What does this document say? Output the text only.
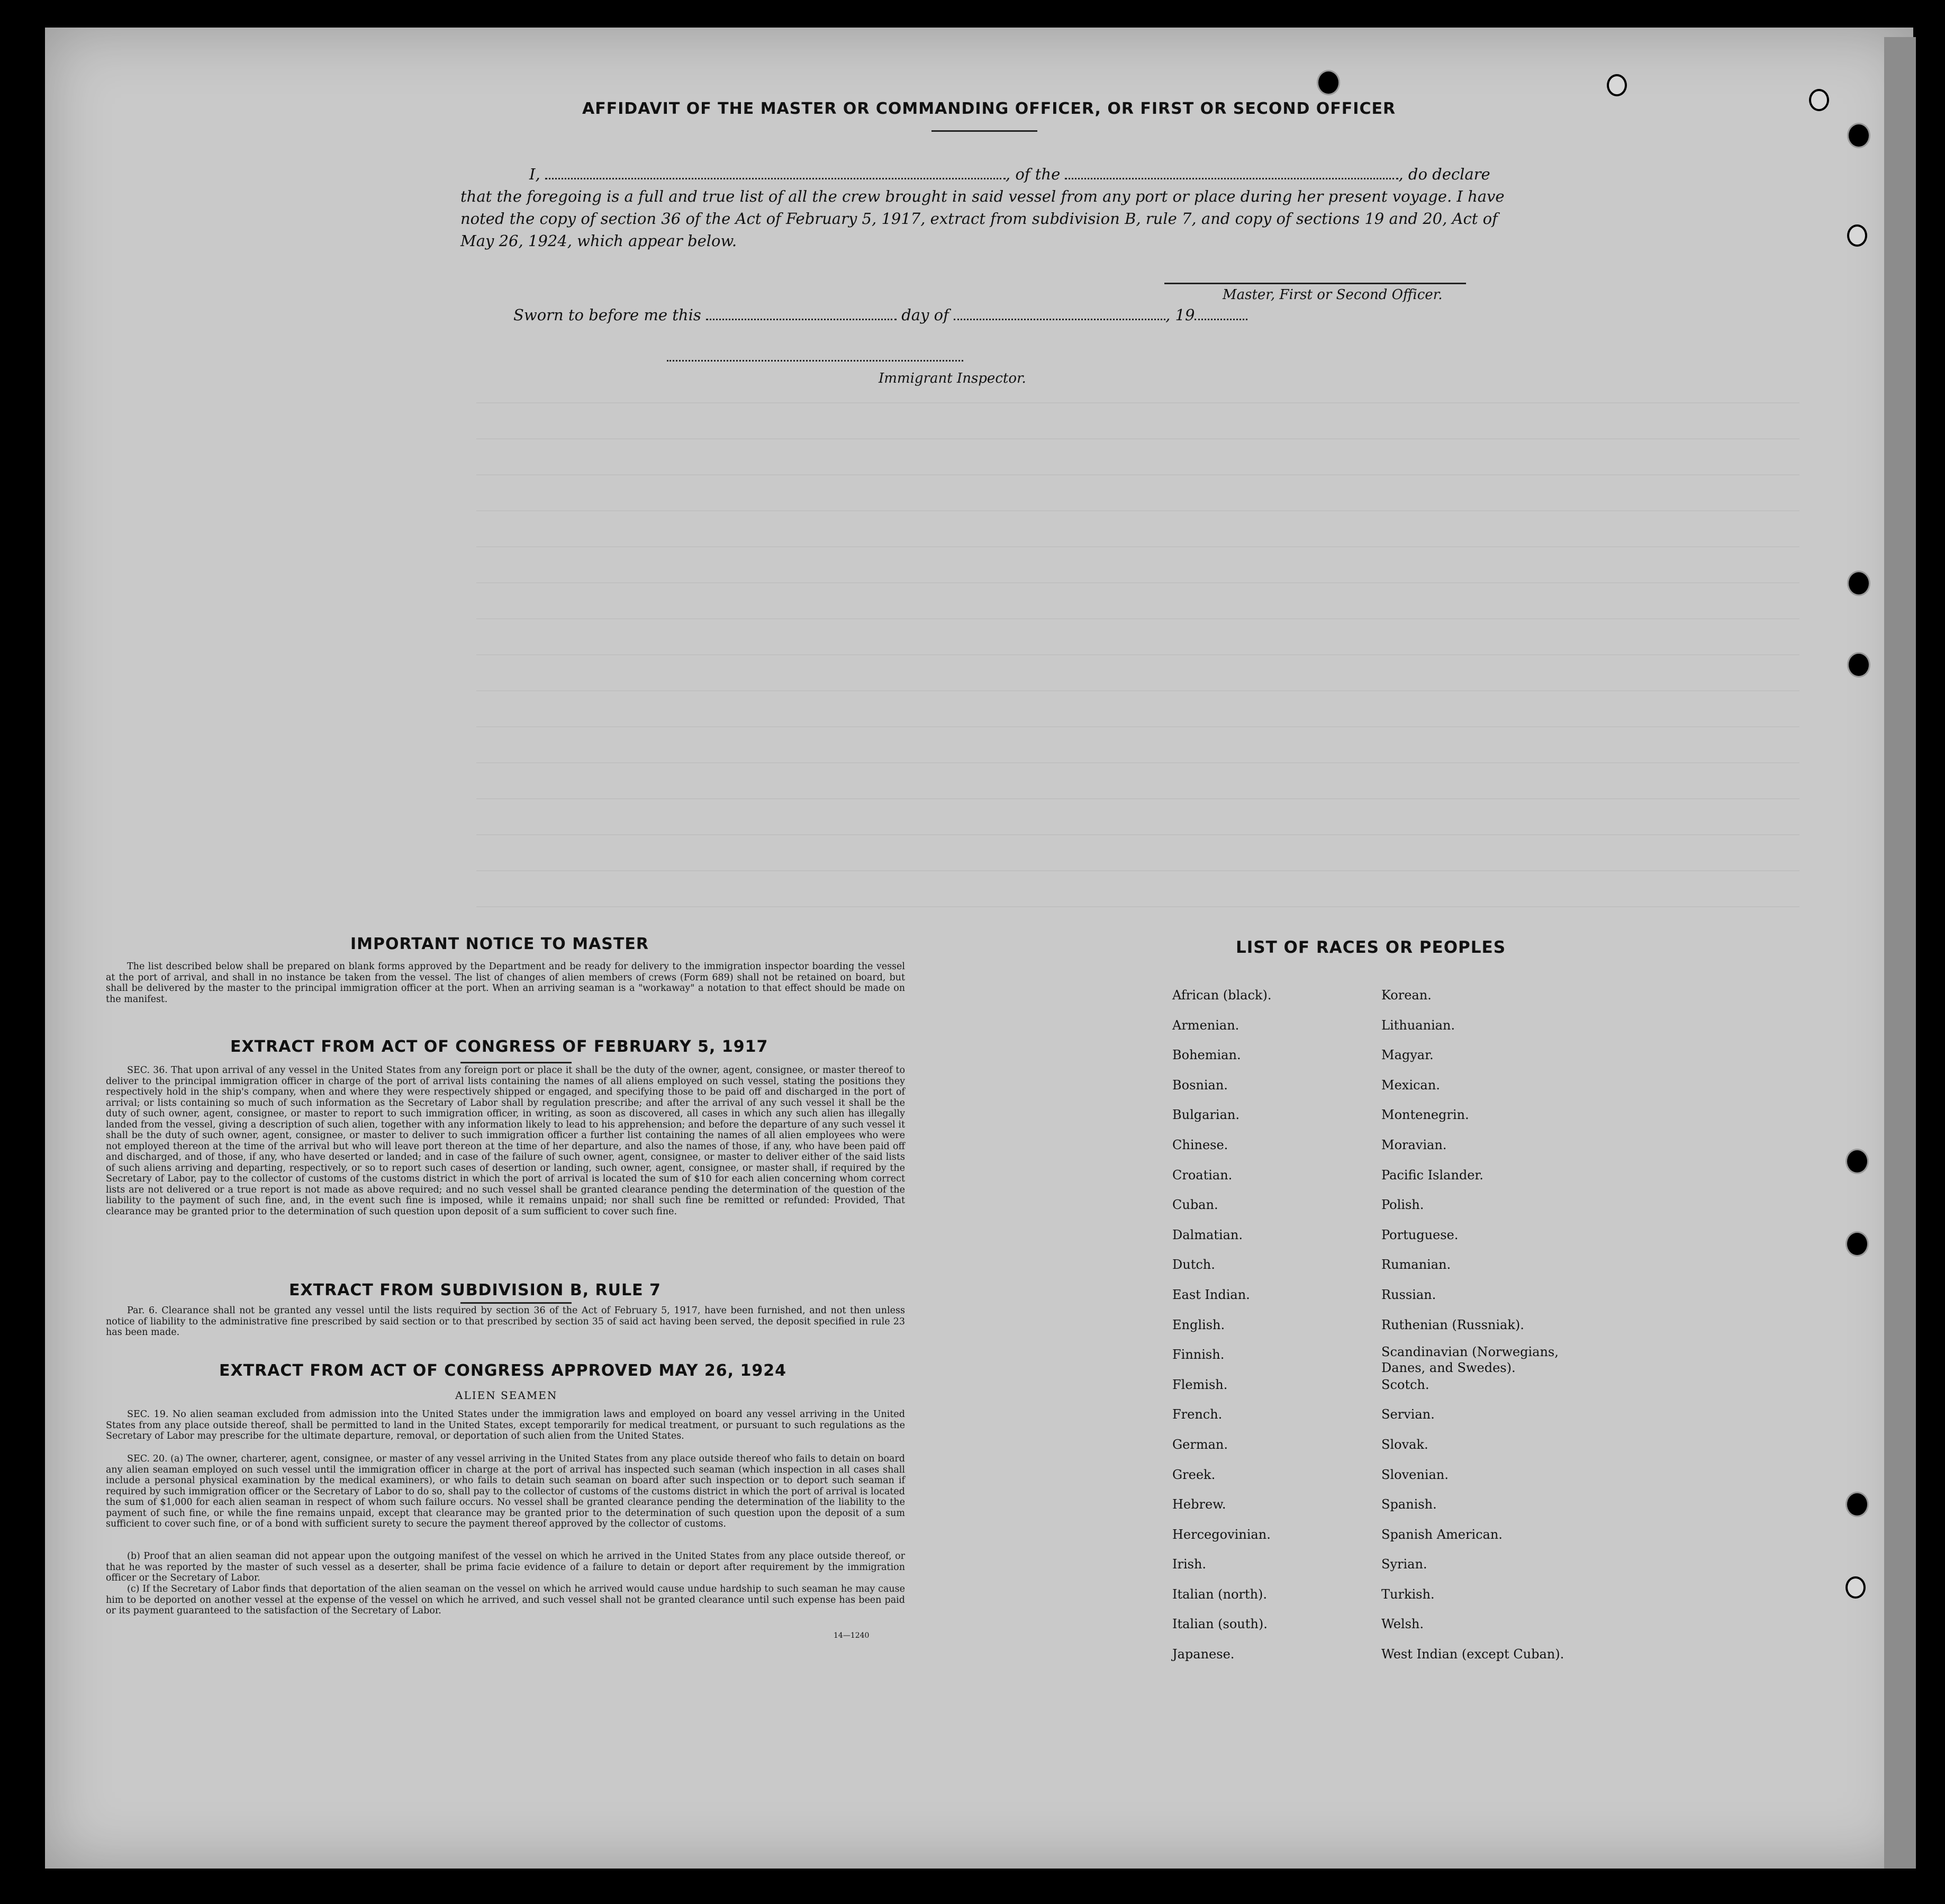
AFFIDAVIT OF THE MASTER OR COMMANDING OFFICER, OR FIRST OR SECOND OFFICER
I,	, of the	, do declare
that the foregoing is a full and true list of all the crew brought in said vessel from any port or place during her present voyage. I have noted the copy of section 36 of the Act of February 5, 1917, extract from subdivision B, rule 7, and copy of sections 19 and 20, Act of May 26, 1924, which appear below.
Master, First or Second Officer.
Sworn to before me this	day of	, 19
Immigrant Inspector.
IMPORTANT NOTICE TO MASTER
The list described below shall be prepared on blank forms approved by the Department and be ready for delivery to the immigration inspector boarding the vessel at the port of arrival, and shall in no instance be taken from the vessel. The list of changes of alien members of crews (Form 689) shall not be retained on board, but shall be delivered by the master to the principal immigration officer at the port. When an arriving seaman is a "workaway" a notation to that effect should be made on the manifest.
EXTRACT FROM ACT OF CONGRESS OF FEBRUARY 5, 1917
SEC. 36. That upon arrival of any vessel in the United States from any foreign port or place it shall be the duty of the owner, agent, consignee, or master thereof to deliver to the principal immigration officer in charge of the port of arrival lists containing the names of all aliens employed on such vessel, stating the positions they respectively hold in the ship's company, when and where they were respectively shipped or engaged, and specifying those to be paid off and discharged in the port of arrival; or lists containing so much of such information as the Secretary of Labor shall by regulation prescribe; and after the arrival of any such vessel it shall be the duty of such owner, agent, consignee, or master to report to such immigration officer, in writing, as soon as discovered, all cases in which any such alien has illegally landed from the vessel, giving a description of such alien, together with any information likely to lead to his apprehension; and before the departure of any such vessel it shall be the duty of such owner, agent, consignee, or master to deliver to such immigration officer a further list containing the names of all alien employees who were not employed thereon at the time of the arrival but who will leave port thereon at the time of her departure, and also the names of those, if any, who have been paid off and discharged, and of those, if any, who have deserted or landed; and in case of the failure of such owner, agent, consignee, or master to deliver either of the said lists of such aliens arriving and departing, respectively, or so to report such cases of desertion or landing, such owner, agent, consignee, or master shall, if required by the Secretary of Labor, pay to the collector of customs of the customs district in which the port of arrival is located the sum of $10 for each alien concerning whom correct lists are not delivered or a true report is not made as above required; and no such vessel shall be granted clearance pending the determination of the question of the liability to the payment of such fine, and, in the event such fine is imposed, while it remains unpaid; nor shall such fine be remitted or refunded: Provided, That clearance may be granted prior to the determination of such question upon deposit of a sum sufficient to cover such fine.
EXTRACT FROM SUBDIVISION B, RULE 7
Par. 6. Clearance shall not be granted any vessel until the lists required by section 36 of the Act of February 5, 1917, have been furnished, and not then unless notice of liability to the administrative fine prescribed by said section or to that prescribed by section 35 of said act having been served, the deposit specified in rule 23 has been made.
EXTRACT FROM ACT OF CONGRESS APPROVED MAY 26, 1924
ALIEN SEAMEN
SEC. 19. No alien seaman excluded from admission into the United States under the immigration laws and employed on board any vessel arriving in the United States from any place outside thereof, shall be permitted to land in the United States, except temporarily for medical treatment, or pursuant to such regulations as the Secretary of Labor may prescribe for the ultimate departure, removal, or deportation of such alien from the United States.
SEC. 20. (a) The owner, charterer, agent, consignee, or master of any vessel arriving in the United States from any place outside thereof who fails to detain on board any alien seaman employed on such vessel until the immigration officer in charge at the port of arrival has inspected such seaman (which inspection in all cases shall include a personal physical examination by the medical examiners), or who fails to detain such seaman on board after such inspection or to deport such seaman if required by such immigration officer or the Secretary of Labor to do so, shall pay to the collector of customs of the customs district in which the port of arrival is located the sum of $1,000 for each alien seaman in respect of whom such failure occurs. No vessel shall be granted clearance pending the determination of the liability to the payment of such fine, or while the fine remains unpaid, except that clearance may be granted prior to the determination of such question upon the deposit of a sum sufficient to cover such fine, or of a bond with sufficient surety to secure the payment thereof approved by the collector of customs.
(b) Proof that an alien seaman did not appear upon the outgoing manifest of the vessel on which he arrived in the United States from any place outside thereof, or that he was reported by the master of such vessel as a deserter, shall be prima facie evidence of a failure to detain or deport after requirement by the immigration officer or the Secretary of Labor.
(c) If the Secretary of Labor finds that deportation of the alien seaman on the vessel on which he arrived would cause undue hardship to such seaman he may cause him to be deported on another vessel at the expense of the vessel on which he arrived, and such vessel shall not be granted clearance until such expense has been paid or its payment guaranteed to the satisfaction of the Secretary of Labor.
14—1240
LIST OF RACES OR PEOPLES
African (black).
Armenian.
Bohemian.
Bosnian.
Bulgarian.
Chinese.
Croatian.
Cuban.
Dalmatian.
Dutch.
East Indian.
English.
Finnish.
Flemish.
French.
German.
Greek.
Hebrew.
Hercegovinian.
Irish.
Italian (north).
Italian (south).
Japanese.
Korean.
Lithuanian.
Magyar.
Mexican.
Montenegrin.
Moravian.
Pacific Islander.
Polish.
Portuguese.
Rumanian.
Russian.
Ruthenian (Russniak).
Scandinavian (Norwegians, Danes, and Swedes).
Scotch.
Servian.
Slovak.
Slovenian.
Spanish.
Spanish American.
Syrian.
Turkish.
Welsh.
West Indian (except Cuban).
